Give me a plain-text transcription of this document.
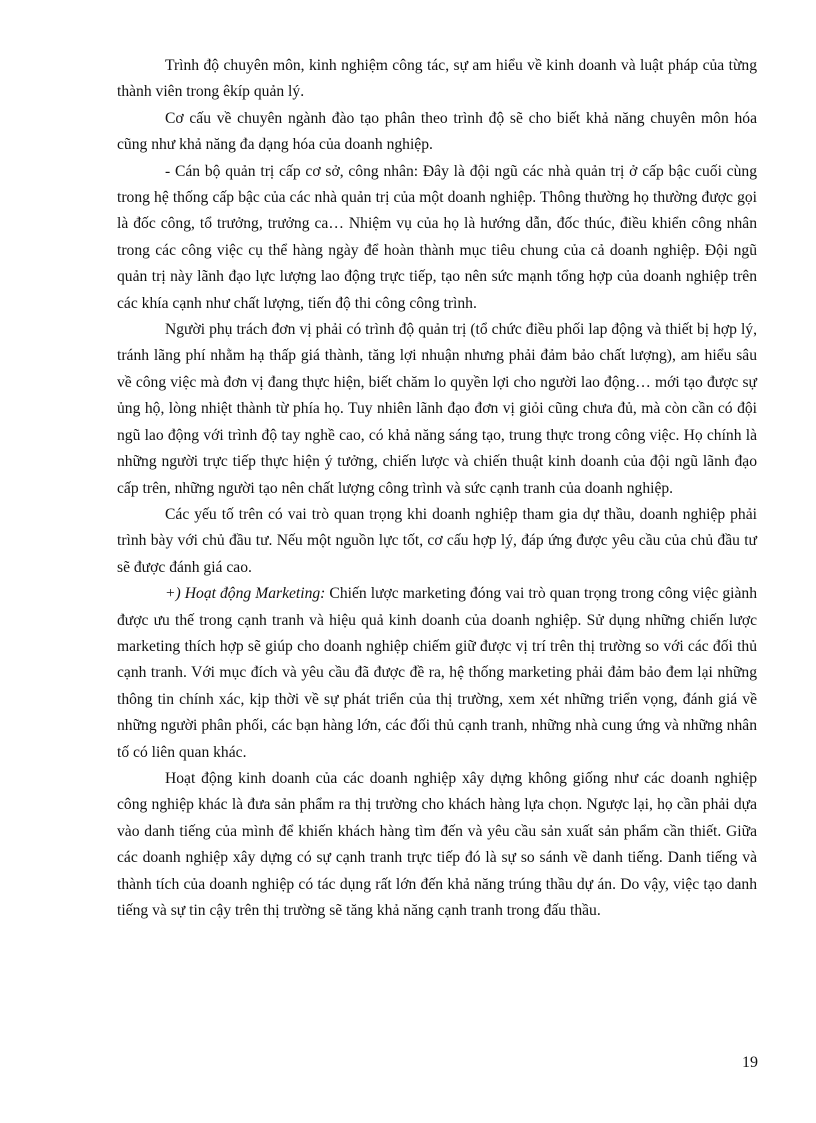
Trình độ chuyên môn, kinh nghiệm công tác, sự am hiểu về kinh doanh và luật pháp của từng thành viên trong êkíp quản lý.

Cơ cấu về chuyên ngành đào tạo phân theo trình độ sẽ cho biết khả năng chuyên môn hóa cũng như khả năng đa dạng hóa của doanh nghiệp.

- Cán bộ quản trị cấp cơ sở, công nhân: Đây là đội ngũ các nhà quản trị ở cấp bậc cuối cùng trong hệ thống cấp bậc của các nhà quản trị của một doanh nghiệp. Thông thường họ thường được gọi là đốc công, tổ trưởng, trưởng ca… Nhiệm vụ của họ là hướng dẫn, đốc thúc, điều khiển công nhân trong các công việc cụ thể hàng ngày để hoàn thành mục tiêu chung của cả doanh nghiệp. Đội ngũ quản trị này lãnh đạo lực lượng lao động trực tiếp, tạo nên sức mạnh tổng hợp của doanh nghiệp trên các khía cạnh như chất lượng, tiến độ thi công công trình.

Người phụ trách đơn vị phải có trình độ quản trị (tổ chức điều phối lap động và thiết bị hợp lý, tránh lãng phí nhằm hạ thấp giá thành, tăng lợi nhuận nhưng phải đảm bảo chất lượng), am hiểu sâu về công việc mà đơn vị đang thực hiện, biết chăm lo quyền lợi cho người lao động… mới tạo được sự ủng hộ, lòng nhiệt thành từ phía họ. Tuy nhiên lãnh đạo đơn vị giỏi cũng chưa đủ, mà còn cần có đội ngũ lao động với trình độ tay nghề cao, có khả năng sáng tạo, trung thực trong công việc. Họ chính là những người trực tiếp thực hiện ý tưởng, chiến lược và chiến thuật kinh doanh của đội ngũ lãnh đạo cấp trên, những người tạo nên chất lượng công trình và sức cạnh tranh của doanh nghiệp.

Các yếu tố trên có vai trò quan trọng khi doanh nghiệp tham gia dự thầu, doanh nghiệp phải trình bày với chủ đầu tư. Nếu một nguồn lực tốt, cơ cấu hợp lý, đáp ứng được yêu cầu của chủ đầu tư sẽ được đánh giá cao.

+) Hoạt động Marketing: Chiến lược marketing đóng vai trò quan trọng trong công việc giành được ưu thế trong cạnh tranh và hiệu quả kinh doanh của doanh nghiệp. Sử dụng những chiến lược marketing thích hợp sẽ giúp cho doanh nghiệp chiếm giữ được vị trí trên thị trường so với các đối thủ cạnh tranh. Với mục đích và yêu cầu đã được đề ra, hệ thống marketing phải đảm bảo đem lại những thông tin chính xác, kịp thời về sự phát triển của thị trường, xem xét những triển vọng, đánh giá về những người phân phối, các bạn hàng lớn, các đối thủ cạnh tranh, những nhà cung ứng và những nhân tố có liên quan khác.

Hoạt động kinh doanh của các doanh nghiệp xây dựng không giống như các doanh nghiệp công nghiệp khác là đưa sản phẩm ra thị trường cho khách hàng lựa chọn. Ngược lại, họ cần phải dựa vào danh tiếng của mình để khiến khách hàng tìm đến và yêu cầu sản xuất sản phẩm cần thiết. Giữa các doanh nghiệp xây dựng có sự cạnh tranh trực tiếp đó là sự so sánh về danh tiếng. Danh tiếng và thành tích của doanh nghiệp có tác dụng rất lớn đến khả năng trúng thầu dự án. Do vậy, việc tạo danh tiếng và sự tin cậy trên thị trường sẽ tăng khả năng cạnh tranh trong đấu thầu.

19
